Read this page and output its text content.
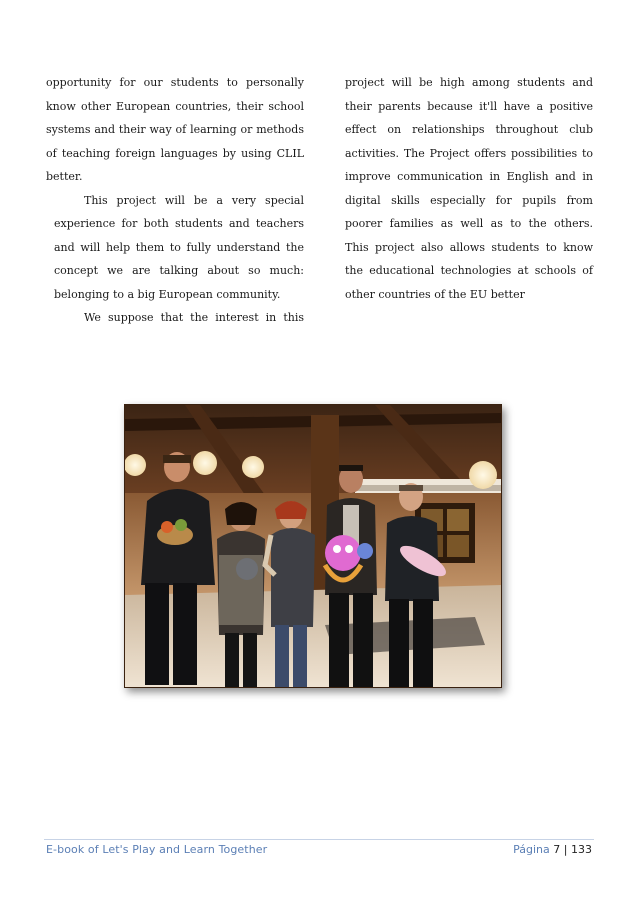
opportunity for our students to personally know other European countries, their school systems and their way of learning or methods of teaching foreign languages by using CLIL better.

This project will be a very special

experience for both students and teachers and will help them to fully understand the concept we are talking about so much: belonging to a big European community.

We suppose that the interest in this

project will be high among students and their parents because it'll have a positive effect on relationships throughout club activities. The Project offers possibilities to improve communication in English and in digital skills especially for pupils from poorer families as well as to the others. This project also allows students to know the educational technologies at schools of other countries of the EU better

E-book of Let's Play and Learn Together	Página 7 | 133
